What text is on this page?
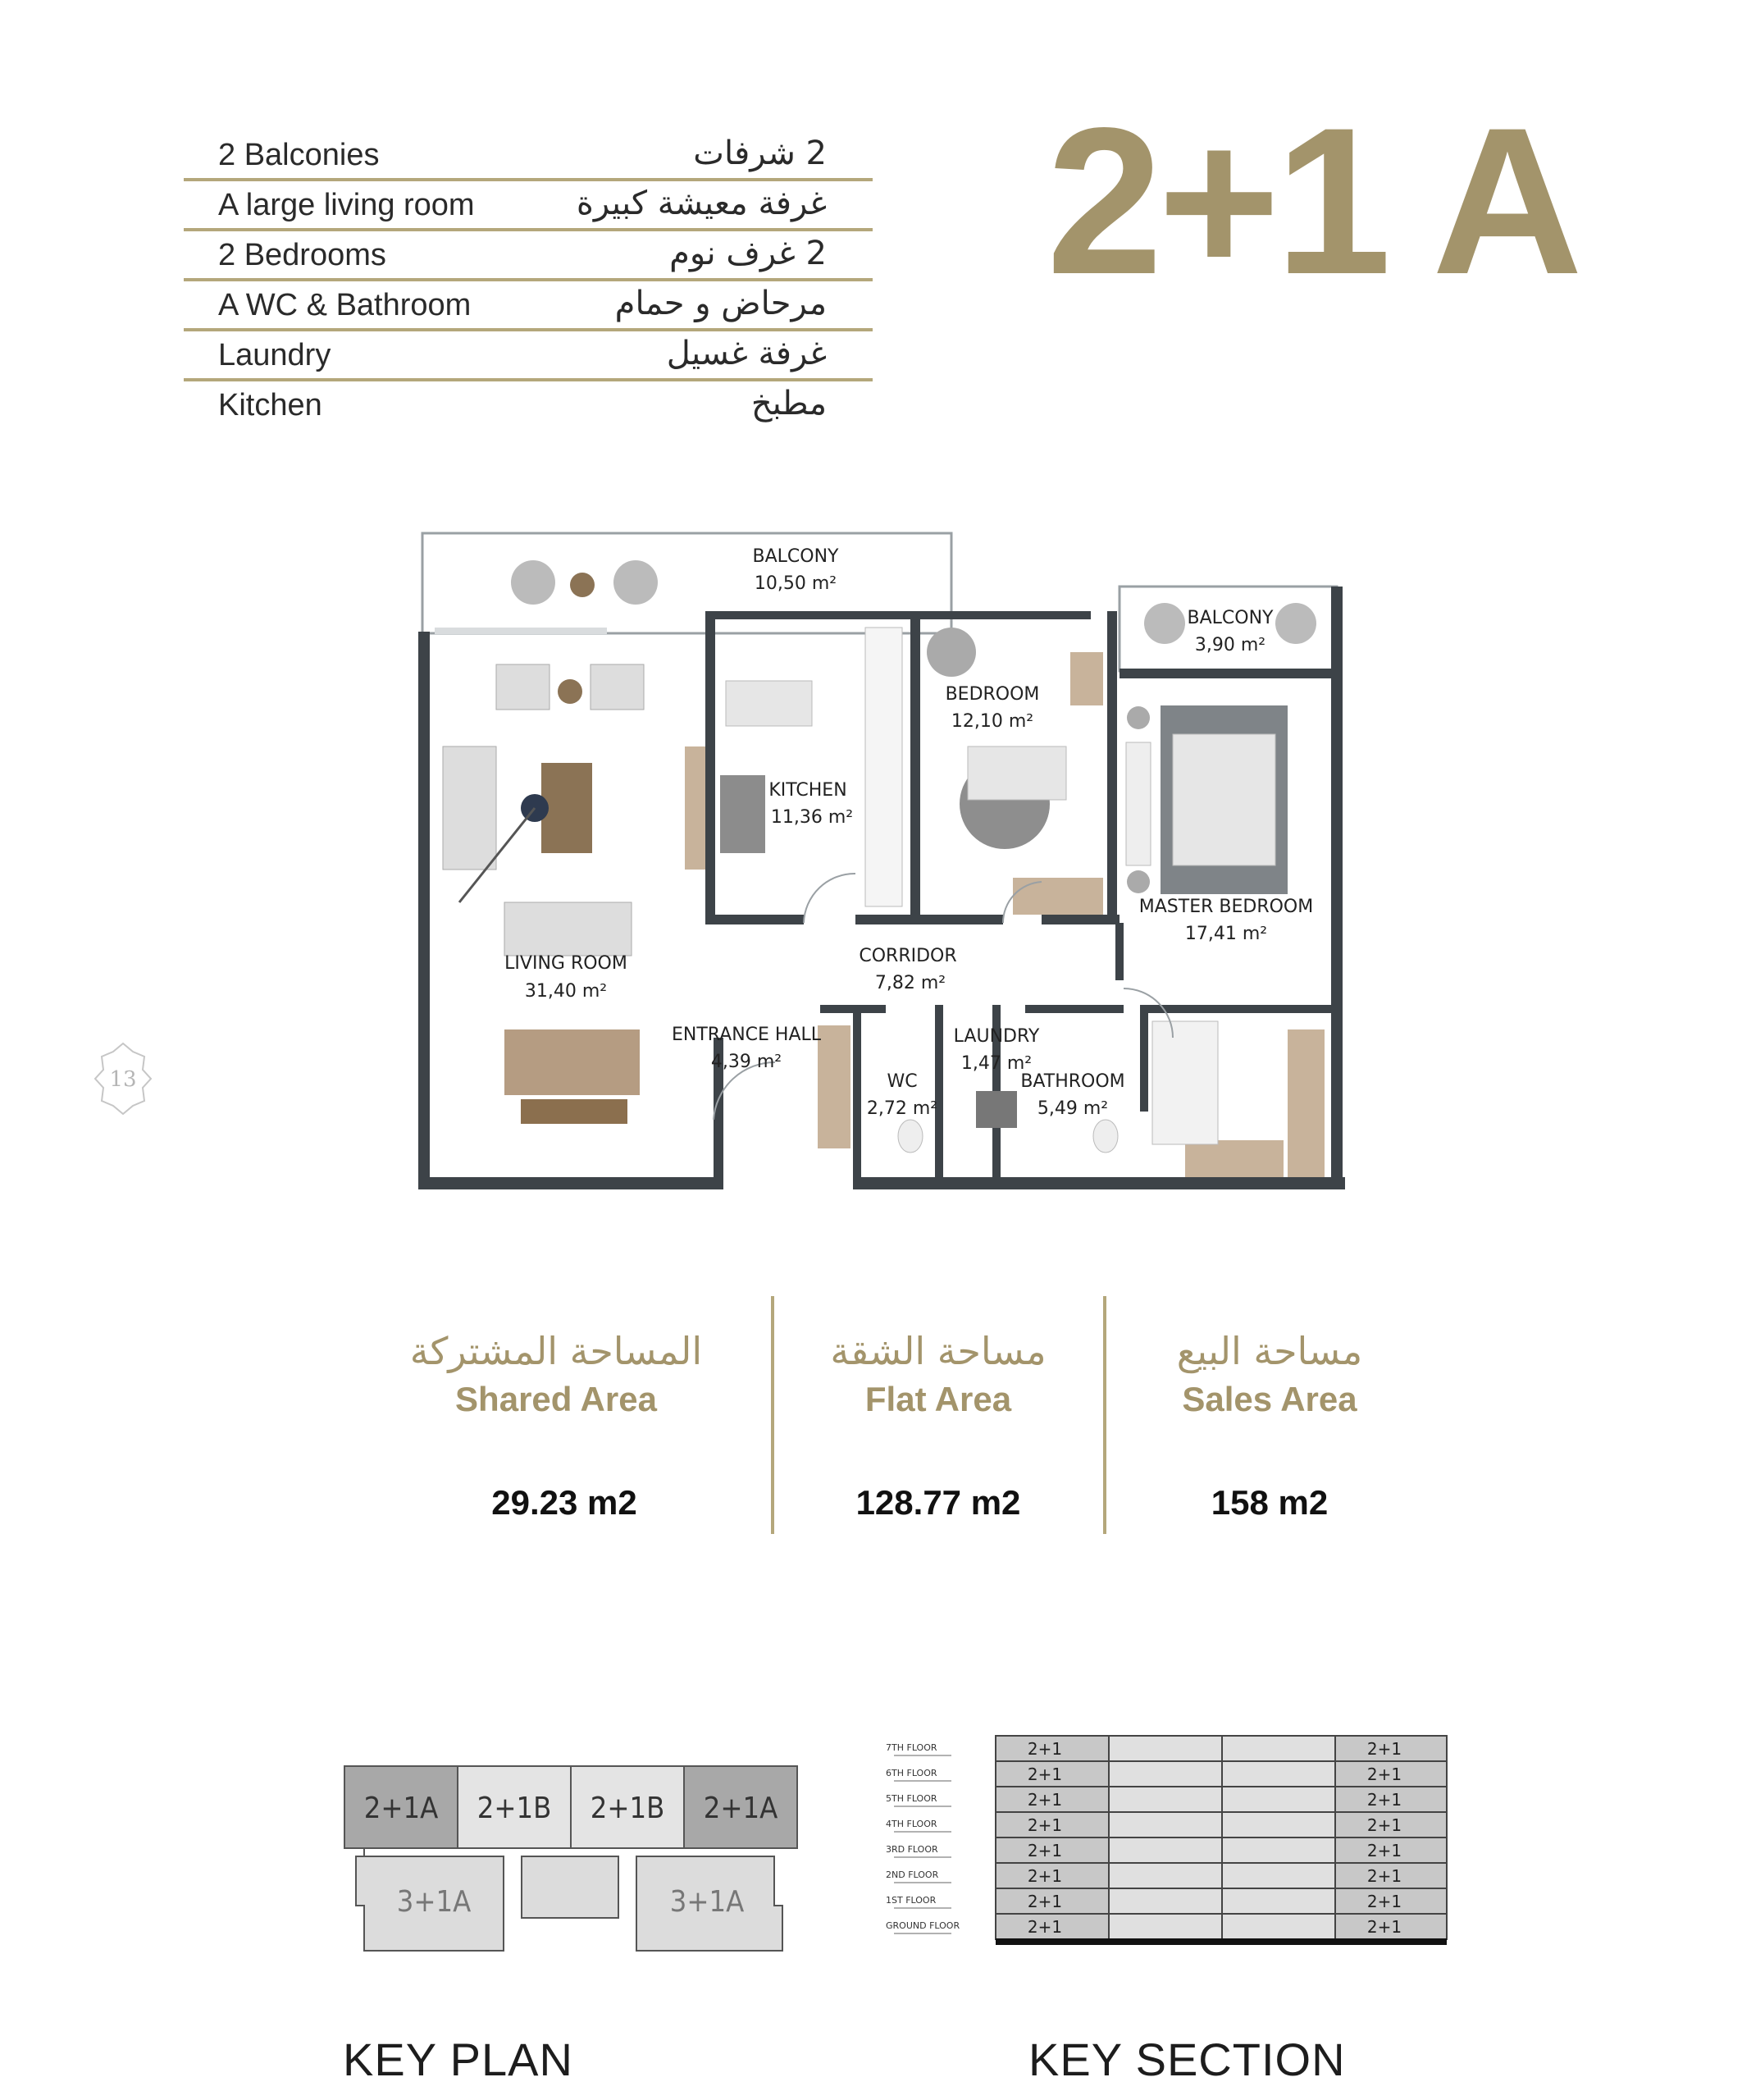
2 Balconies	2 شرفات
A large living room	غرفة معيشة كبيرة
2 Bedrooms	2 غرف نوم
A WC & Bathroom	مرحاض و حمام
Laundry	غرفة غسيل
Kitchen	مطبخ
2+1 A
BALCONY
10,50 m²
BALCONY
3,90 m²
BEDROOM
12,10 m²
KITCHEN
11,36 m²
MASTER BEDROOM
17,41 m²
LIVING ROOM
31,40 m²
CORRIDOR
7,82 m²
ENTRANCE HALL
4,39 m²
LAUNDRY
1,47 m²
WC
2,72 m²
BATHROOM
5,49 m²
13
المساحة المشتركة
Shared Area
29.23 m2
مساحة الشقة
Flat Area
128.77 m2
مساحة البيع
Sales Area
158 m2
2+1A 2+1B 2+1B 2+1A
3+1A	3+1A
7TH FLOOR	2+1	2+1
6TH FLOOR	2+1	2+1
5TH FLOOR	2+1	2+1
4TH FLOOR	2+1	2+1
3RD FLOOR	2+1	2+1
2ND FLOOR	2+1	2+1
1ST FLOOR	2+1	2+1
GROUND FLOOR	2+1	2+1
KEY PLAN	KEY SECTION
